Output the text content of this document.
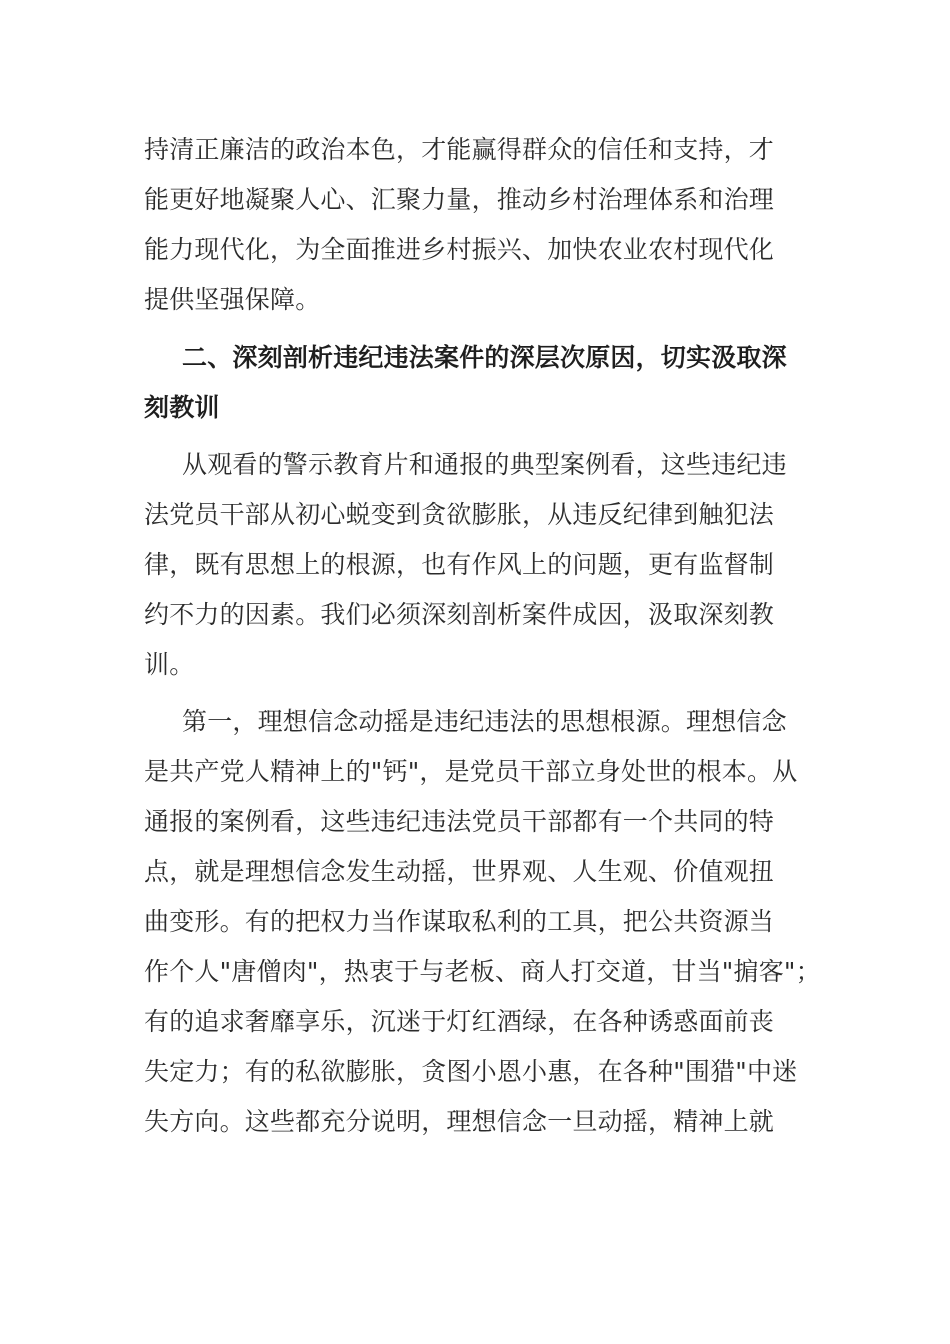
持清正廉洁的政治本色，才能赢得群众的信任和支持，才
能更好地凝聚人心、汇聚力量，推动乡村治理体系和治理
能力现代化，为全面推进乡村振兴、加快农业农村现代化
提供坚强保障。
二、深刻剖析违纪违法案件的深层次原因，切实汲取深
刻教训
从观看的警示教育片和通报的典型案例看，这些违纪违
法党员干部从初心蜕变到贪欲膨胀，从违反纪律到触犯法
律，既有思想上的根源，也有作风上的问题，更有监督制
约不力的因素。我们必须深刻剖析案件成因，汲取深刻教
训。
第一，理想信念动摇是违纪违法的思想根源。理想信念
是共产党人精神上的"钙"，是党员干部立身处世的根本。从
通报的案例看，这些违纪违法党员干部都有一个共同的特
点，就是理想信念发生动摇，世界观、人生观、价值观扭
曲变形。有的把权力当作谋取私利的工具，把公共资源当
作个人"唐僧肉"，热衷于与老板、商人打交道，甘当"掮客"；
有的追求奢靡享乐，沉迷于灯红酒绿，在各种诱惑面前丧
失定力；有的私欲膨胀，贪图小恩小惠，在各种"围猎"中迷
失方向。这些都充分说明，理想信念一旦动摇，精神上就
